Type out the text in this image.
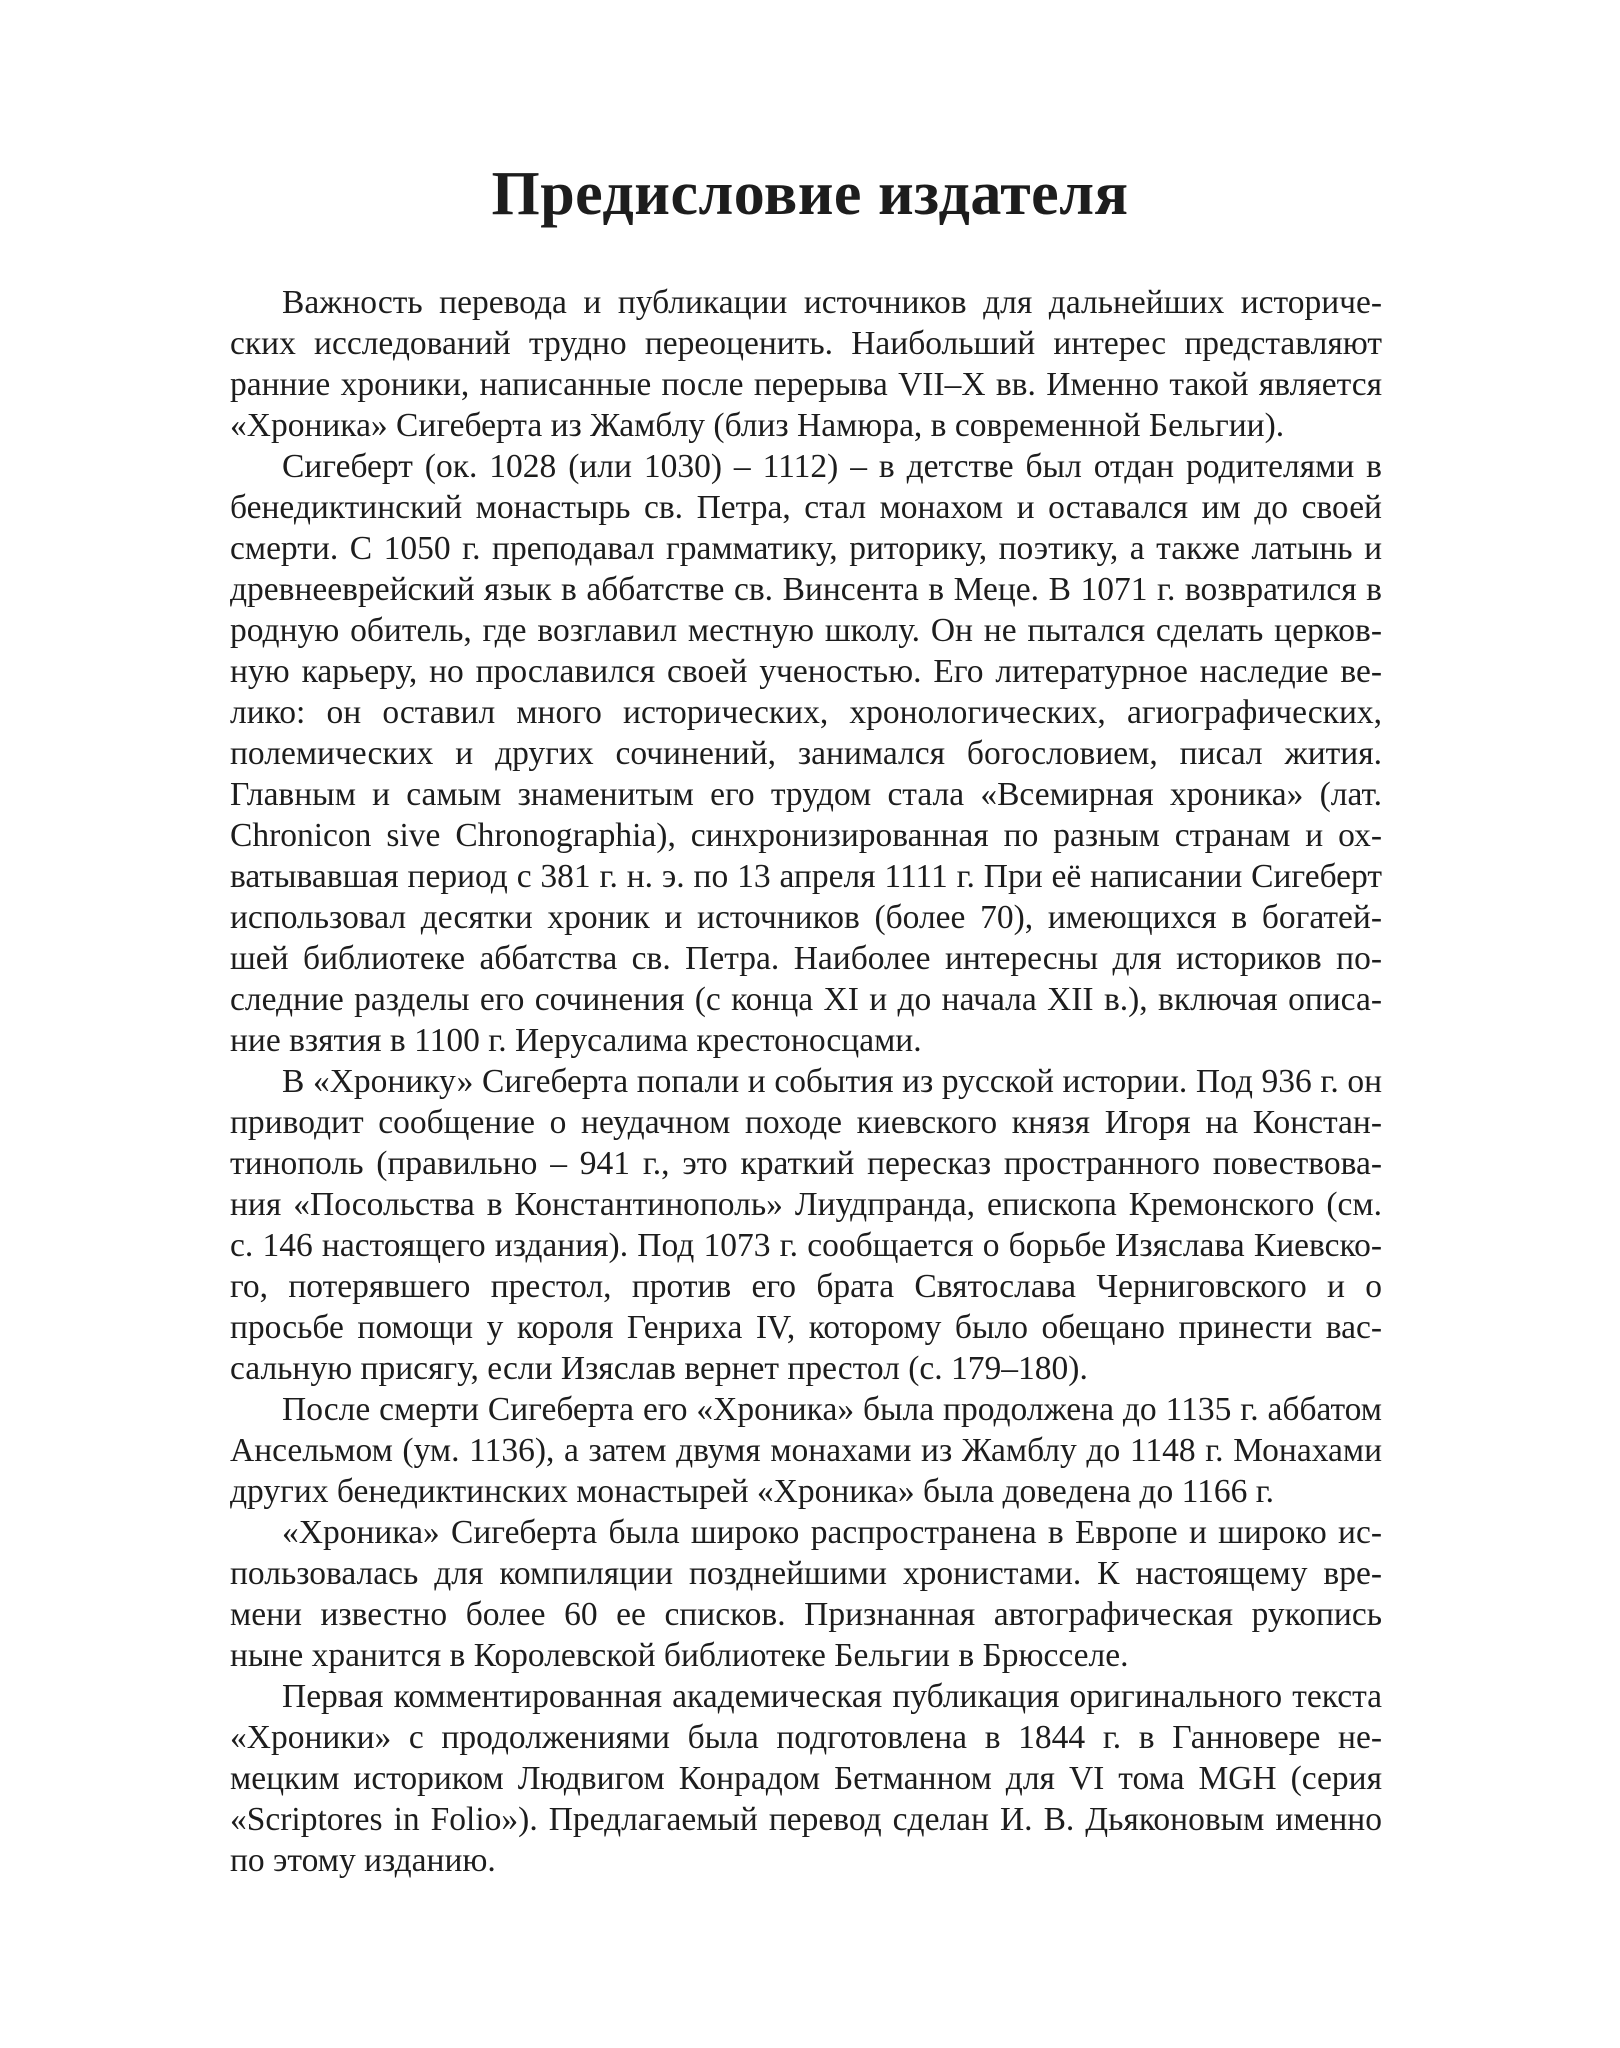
Предисловие издателя
Важность перевода и публикации источников для дальнейших историче-
ских исследований трудно переоценить. Наибольший интерес представляют
ранние хроники, написанные после перерыва VII–X вв. Именно такой является
«Хроника» Сигеберта из Жамблу (близ Намюра, в современной Бельгии).
Сигеберт (ок. 1028 (или 1030) – 1112) – в детстве был отдан родителями в
бенедиктинский монастырь св. Петра, стал монахом и оставался им до своей
смерти. С 1050 г. преподавал грамматику, риторику, поэтику, а также латынь и
древнееврейский язык в аббатстве св. Винсента в Меце. В 1071 г. возвратился в
родную обитель, где возглавил местную школу. Он не пытался сделать церков-
ную карьеру, но прославился своей ученостью. Его литературное наследие ве-
лико: он оставил много исторических, хронологических, агиографических,
полемических и других сочинений, занимался богословием, писал жития.
Главным и самым знаменитым его трудом стала «Всемирная хроника» (лат.
Chronicon sive Chronographia), синхронизированная по разным странам и ох-
ватывавшая период с 381 г. н. э. по 13 апреля 1111 г. При её написании Сигеберт
использовал десятки хроник и источников (более 70), имеющихся в богатей-
шей библиотеке аббатства св. Петра. Наиболее интересны для историков по-
следние разделы его сочинения (с конца XI и до начала XII в.), включая описа-
ние взятия в 1100 г. Иерусалима крестоносцами.
В «Хронику» Сигеберта попали и события из русской истории. Под 936 г. он
приводит сообщение о неудачном походе киевского князя Игоря на Констан-
тинополь (правильно – 941 г., это краткий пересказ пространного повествова-
ния «Посольства в Константинополь» Лиудпранда, епископа Кремонского (см.
с. 146 настоящего издания). Под 1073 г. сообщается о борьбе Изяслава Киевско-
го, потерявшего престол, против его брата Святослава Черниговского и о
просьбе помощи у короля Генриха IV, которому было обещано принести вас-
сальную присягу, если Изяслав вернет престол (с. 179–180).
После смерти Сигеберта его «Хроника» была продолжена до 1135 г. аббатом
Ансельмом (ум. 1136), а затем двумя монахами из Жамблу до 1148 г. Монахами
других бенедиктинских монастырей «Хроника» была доведена до 1166 г.
«Хроника» Сигеберта была широко распространена в Европе и широко ис-
пользовалась для компиляции позднейшими хронистами. К настоящему вре-
мени известно более 60 ее списков. Признанная автографическая рукопись
ныне хранится в Королевской библиотеке Бельгии в Брюсселе.
Первая комментированная академическая публикация оригинального текста
«Хроники» с продолжениями была подготовлена в 1844 г. в Ганновере не-
мецким историком Людвигом Конрадом Бетманном для VI тома MGH (серия
«Scriptores in Folio»). Предлагаемый перевод сделан И. В. Дьяконовым именно
по этому изданию.
